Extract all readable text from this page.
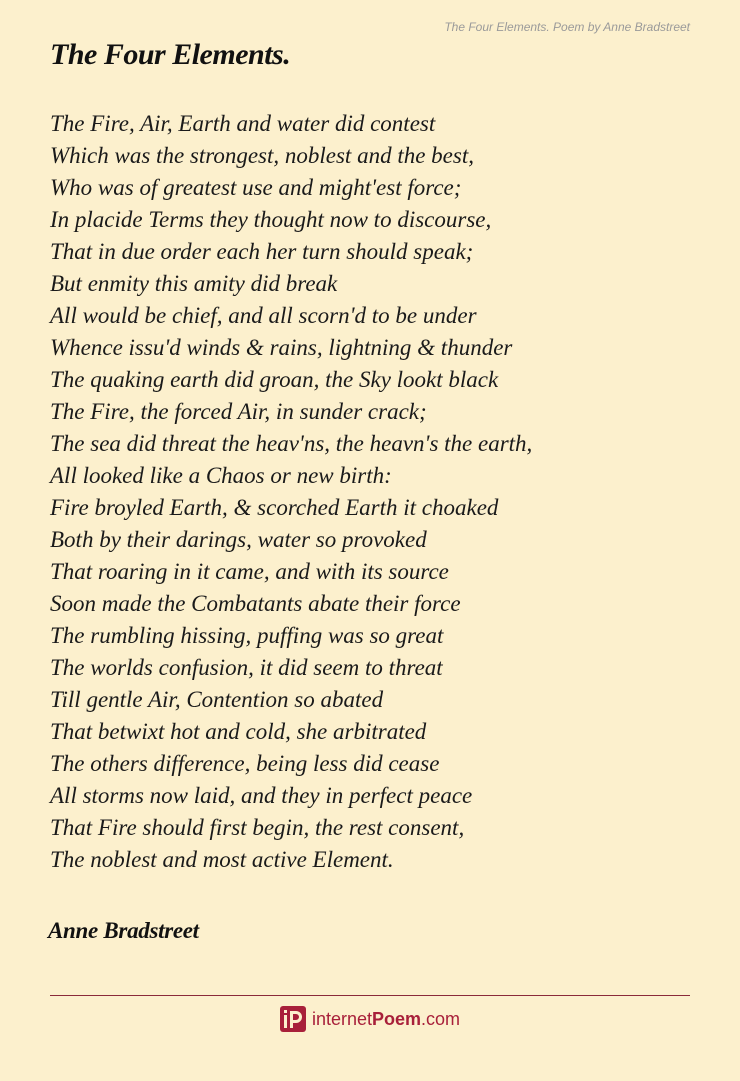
The Four Elements. Poem by Anne Bradstreet
The Four Elements.
The Fire, Air, Earth and water did contest
Which was the strongest, noblest and the best,
Who was of greatest use and might'est force;
In placide Terms they thought now to discourse,
That in due order each her turn should speak;
But enmity this amity did break
All would be chief, and all scorn'd to be under
Whence issu'd winds & rains, lightning & thunder
The quaking earth did groan, the Sky lookt black
The Fire, the forced Air, in sunder crack;
The sea did threat the heav'ns, the heavn's the earth,
All looked like a Chaos or new birth:
Fire broyled Earth, & scorched Earth it choaked
Both by their darings, water so provoked
That roaring in it came, and with its source
Soon made the Combatants abate their force
The rumbling hissing, puffing was so great
The worlds confusion, it did seem to threat
Till gentle Air, Contention so abated
That betwixt hot and cold, she arbitrated
The others difference, being less did cease
All storms now laid, and they in perfect peace
That Fire should first begin, the rest consent,
The noblest and most active Element.
Anne Bradstreet
internetPoem.com
